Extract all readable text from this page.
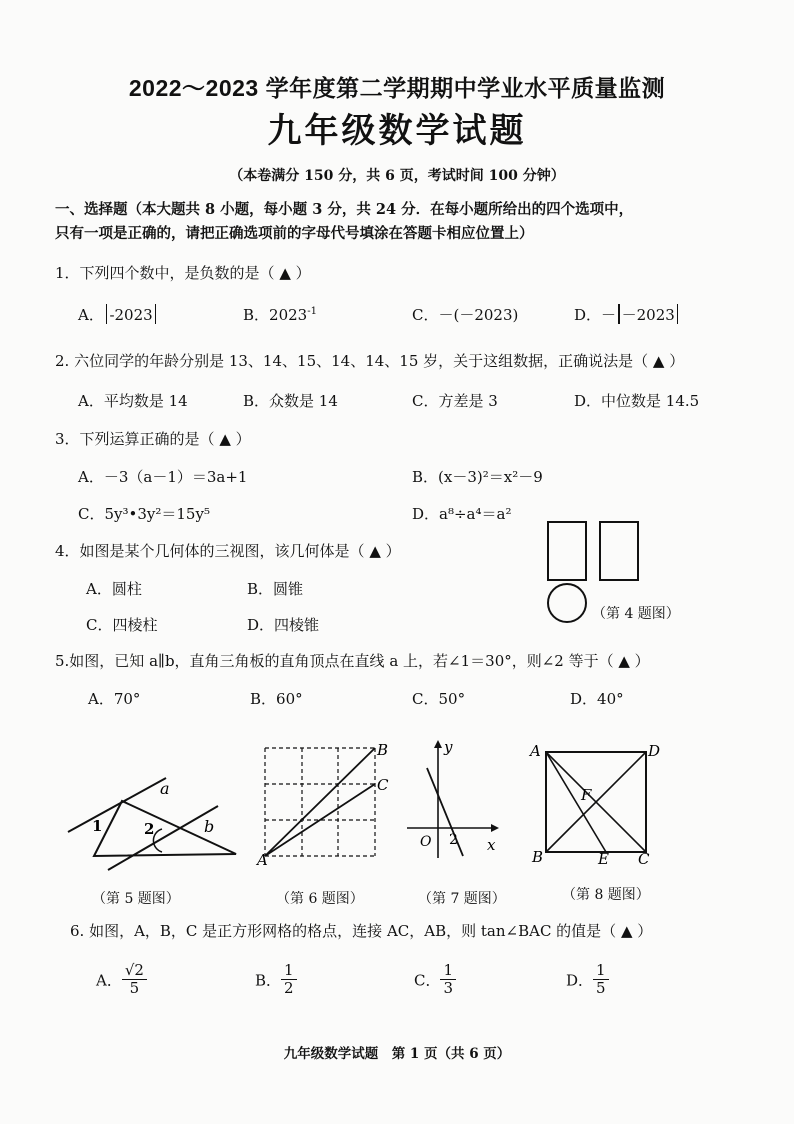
2022～2023 学年度第二学期期中学业水平质量监测
九年级数学试题
（本卷满分 150 分，共 6 页，考试时间 100 分钟）
一、选择题（本大题共 8 小题，每小题 3 分，共 24 分．在每小题所给出的四个选项中，
只有一项是正确的，请把正确选项前的字母代号填涂在答题卡相应位置上）
1．下列四个数中，是负数的是（ ▲ ）
A． -2023	B．$2023^{-1}$	C．－(－2023)	D．－ －2023
2. 六位同学的年龄分别是 13、14、15、14、14、15 岁，关于这组数据，正确说法是（ ▲ ）
A．平均数是 14	B．众数是 14	C．方差是 3	D．中位数是 14.5
3．下列运算正确的是（ ▲ ）
A．－3（a－1）＝3a+1	B．(x－3)²＝x²－9
C．5y³•3y²＝15y⁵	D．a⁸÷a⁴＝a²
4．如图是某个几何体的三视图，该几何体是（ ▲ ）
A．圆柱	B．圆锥
C．四棱柱	D．四棱锥
（第 4 题图）
5.如图，已知 a∥b，直角三角板的直角顶点在直线 a 上，若∠1＝30°，则∠2 等于（ ▲ ）
A．70°	B．60°	C．50°	D．40°
a
b
1	2
（第 5 题图）
A
B
C
（第 6 题图）
y
x
O 2
（第 7 题图）
A	D
F
B	E C
（第 8 题图）
6. 如图，A，B，C 是正方形网格的格点，连接 AC，AB，则 tan∠BAC 的值是（ ▲ ）
A． $\frac{√2}{5}$	B． $\frac{1}{2}$	C． $\frac{1}{3}$	D． $\frac{1}{5}$
九年级数学试题　第 1 页（共 6 页）
